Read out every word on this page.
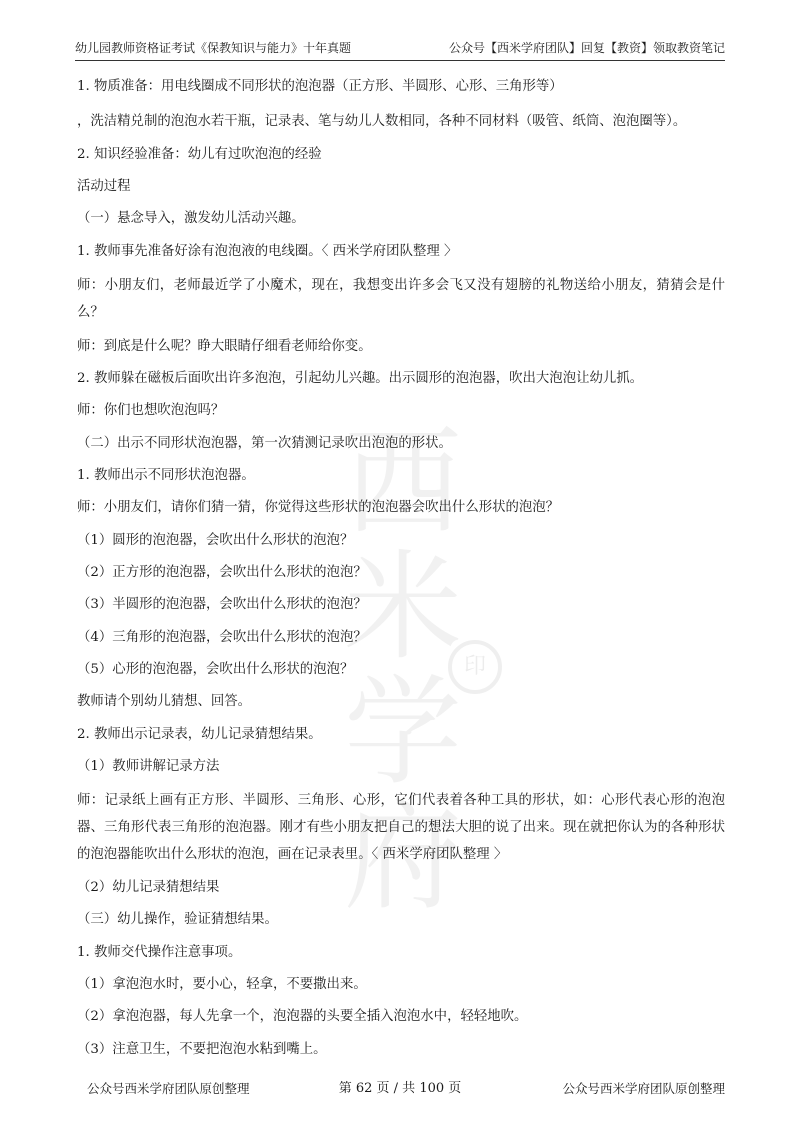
西米学府
印
幼儿园教师资格证考试《保教知识与能力》十年真题	公众号【西米学府团队】回复【教资】领取教资笔记

1. 物质准备：用电线圈成不同形状的泡泡器（正方形、半圆形、心形、三角形等）

，洗洁精兑制的泡泡水若干瓶，记录表、笔与幼儿人数相同，各种不同材料（吸管、纸筒、泡泡圈等）。

2. 知识经验准备：幼儿有过吹泡泡的经验

活动过程

（一）悬念导入，激发幼儿活动兴趣。

1. 教师事先准备好涂有泡泡液的电线圈。〈 西米学府团队整理 〉

师：小朋友们，老师最近学了小魔术，现在，我想变出许多会飞又没有翅膀的礼物送给小朋友，猜猜会是什么？

师：到底是什么呢？睁大眼睛仔细看老师给你变。

2. 教师躲在磁板后面吹出许多泡泡，引起幼儿兴趣。出示圆形的泡泡器，吹出大泡泡让幼儿抓。

师：你们也想吹泡泡吗？

（二）出示不同形状泡泡器，第一次猜测记录吹出泡泡的形状。

1. 教师出示不同形状泡泡器。

师：小朋友们，请你们猜一猜，你觉得这些形状的泡泡器会吹出什么形状的泡泡？

（1）圆形的泡泡器，会吹出什么形状的泡泡？

（2）正方形的泡泡器，会吹出什么形状的泡泡？

（3）半圆形的泡泡器，会吹出什么形状的泡泡？

（4）三角形的泡泡器，会吹出什么形状的泡泡？

（5）心形的泡泡器，会吹出什么形状的泡泡？

教师请个别幼儿猜想、回答。

2. 教师出示记录表，幼儿记录猜想结果。

（1）教师讲解记录方法

师：记录纸上画有正方形、半圆形、三角形、心形，它们代表着各种工具的形状，如：心形代表心形的泡泡器、三角形代表三角形的泡泡器。刚才有些小朋友把自己的想法大胆的说了出来。现在就把你认为的各种形状的泡泡器能吹出什么形状的泡泡，画在记录表里。〈 西米学府团队整理 〉

（2）幼儿记录猜想结果

（三）幼儿操作，验证猜想结果。

1. 教师交代操作注意事项。

（1）拿泡泡水时，要小心，轻拿，不要撒出来。

（2）拿泡泡器，每人先拿一个，泡泡器的头要全插入泡泡水中，轻轻地吹。

（3）注意卫生，不要把泡泡水粘到嘴上。

公众号西米学府团队原创整理	第 62 页 / 共 100 页	公众号西米学府团队原创整理
